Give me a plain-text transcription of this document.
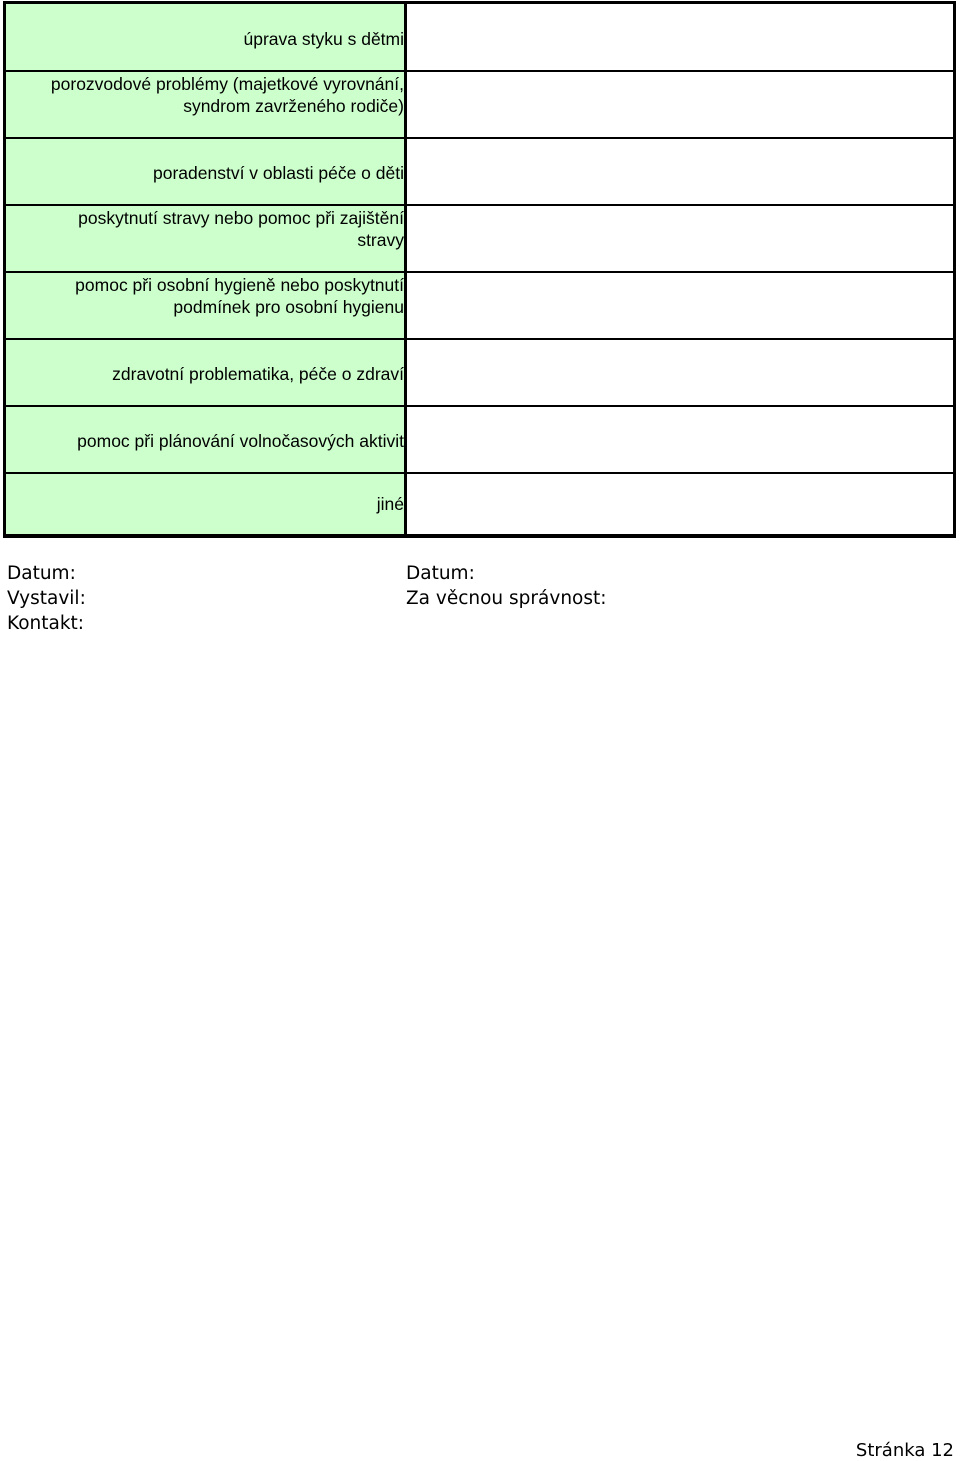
úprava styku s dětmi
porozvodové problémy (majetkové vyrovnání, syndrom zavrženého rodiče)
poradenství v oblasti péče o děti
poskytnutí stravy nebo pomoc při zajištění stravy
pomoc při osobní hygieně nebo poskytnutí podmínek pro osobní hygienu
zdravotní problematika, péče o zdraví
pomoc při plánování volnočasových aktivit
jiné
Datum:
Vystavil:
Kontakt:
Datum:
Za věcnou správnost:
Stránka 12
